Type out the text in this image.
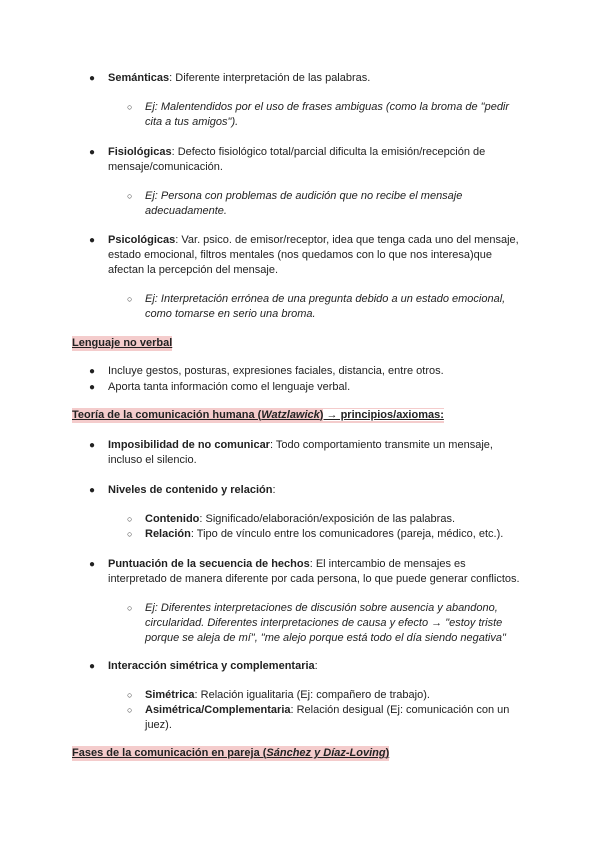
● Semánticas: Diferente interpretación de las palabras.
○ Ej: Malentendidos por el uso de frases ambiguas (como la broma de "pedir
cita a tus amigos").
● Fisiológicas: Defecto fisiológico total/parcial dificulta la emisión/recepción de
mensaje/comunicación.
○ Ej: Persona con problemas de audición que no recibe el mensaje
adecuadamente.
● Psicológicas: Var. psico. de emisor/receptor, idea que tenga cada uno del mensaje,
estado emocional, filtros mentales (nos quedamos con lo que nos interesa)que
afectan la percepción del mensaje.
○ Ej: Interpretación errónea de una pregunta debido a un estado emocional,
como tomarse en serio una broma.
Lenguaje no verbal
● Incluye gestos, posturas, expresiones faciales, distancia, entre otros.
● Aporta tanta información como el lenguaje verbal.
Teoría de la comunicación humana (Watzlawick) → principios/axiomas:
● Imposibilidad de no comunicar: Todo comportamiento transmite un mensaje,
incluso el silencio.
● Niveles de contenido y relación:
○ Contenido: Significado/elaboración/exposición de las palabras.
○ Relación: Tipo de vínculo entre los comunicadores (pareja, médico, etc.).
● Puntuación de la secuencia de hechos: El intercambio de mensajes es
interpretado de manera diferente por cada persona, lo que puede generar conflictos.
○ Ej: Diferentes interpretaciones de discusión sobre ausencia y abandono,
circularidad. Diferentes interpretaciones de causa y efecto → "estoy triste
porque se aleja de mí", "me alejo porque está todo el día siendo negativa"
● Interacción simétrica y complementaria:
○ Simétrica: Relación igualitaria (Ej: compañero de trabajo).
○ Asimétrica/Complementaria: Relación desigual (Ej: comunicación con un
juez).
Fases de la comunicación en pareja (Sánchez y Díaz-Loving)
